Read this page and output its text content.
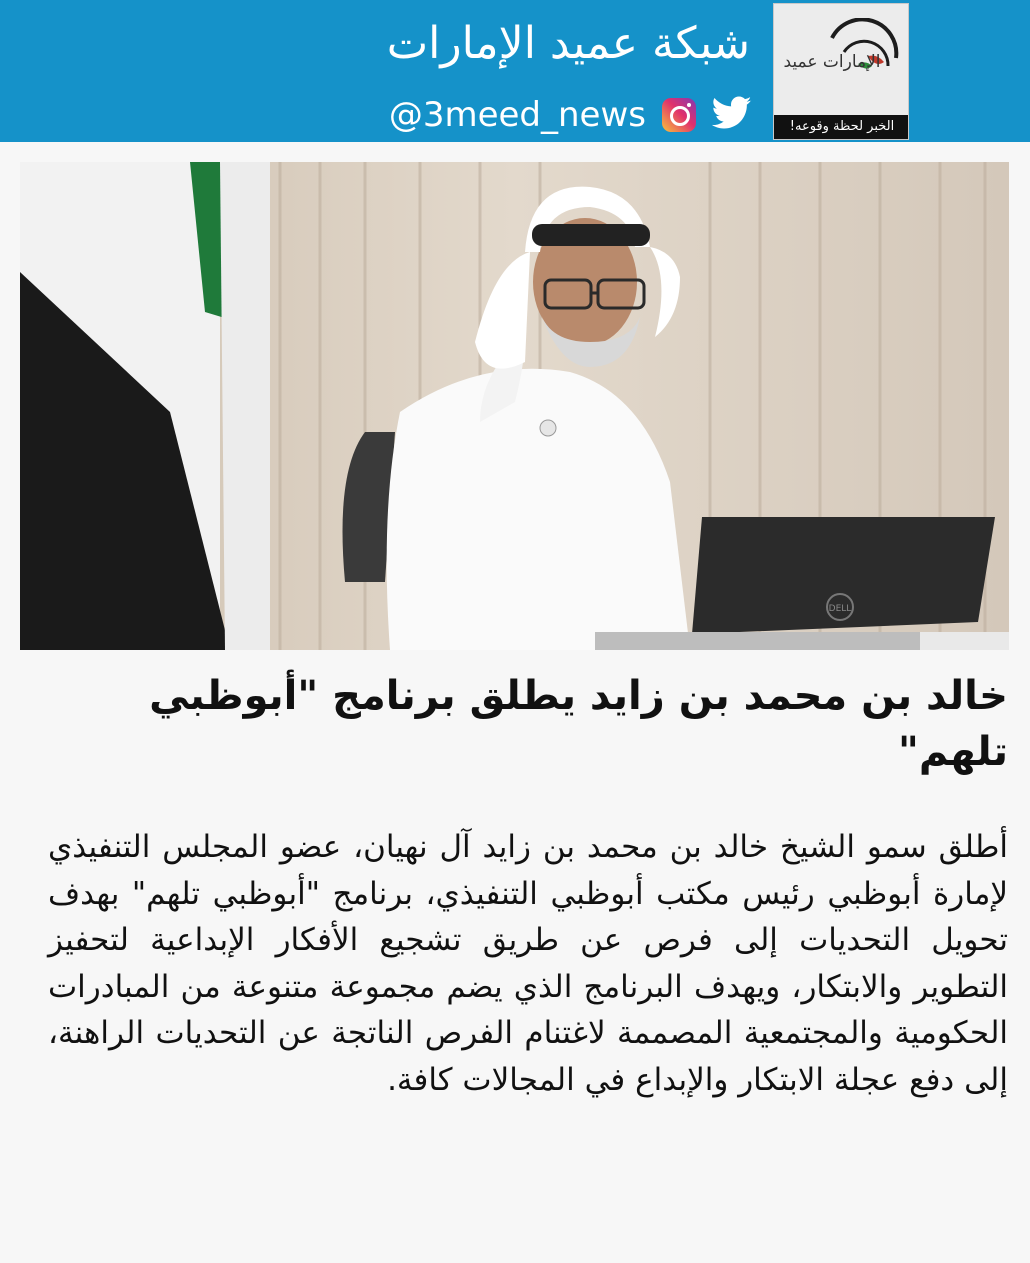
شبكة عميد الإمارات
@3meed_news
الإمارات عميد
الخبر لحظة وقوعه!
DELL
خالد بن محمد بن زايد يطلق برنامج "أبوظبي تلهم"

أطلق سمو الشيخ خالد بن محمد بن زايد آل نهيان، عضو المجلس التنفيذي لإمارة أبوظبي رئيس مكتب أبوظبي التنفيذي، برنامج "أبوظبي تلهم" بهدف تحويل التحديات إلى فرص عن طريق تشجيع الأفكار الإبداعية لتحفيز التطوير والابتكار، ويهدف البرنامج الذي يضم مجموعة متنوعة من المبادرات الحكومية والمجتمعية المصممة لاغتنام الفرص الناتجة عن التحديات الراهنة، إلى دفع عجلة الابتكار والإبداع في المجالات كافة.
